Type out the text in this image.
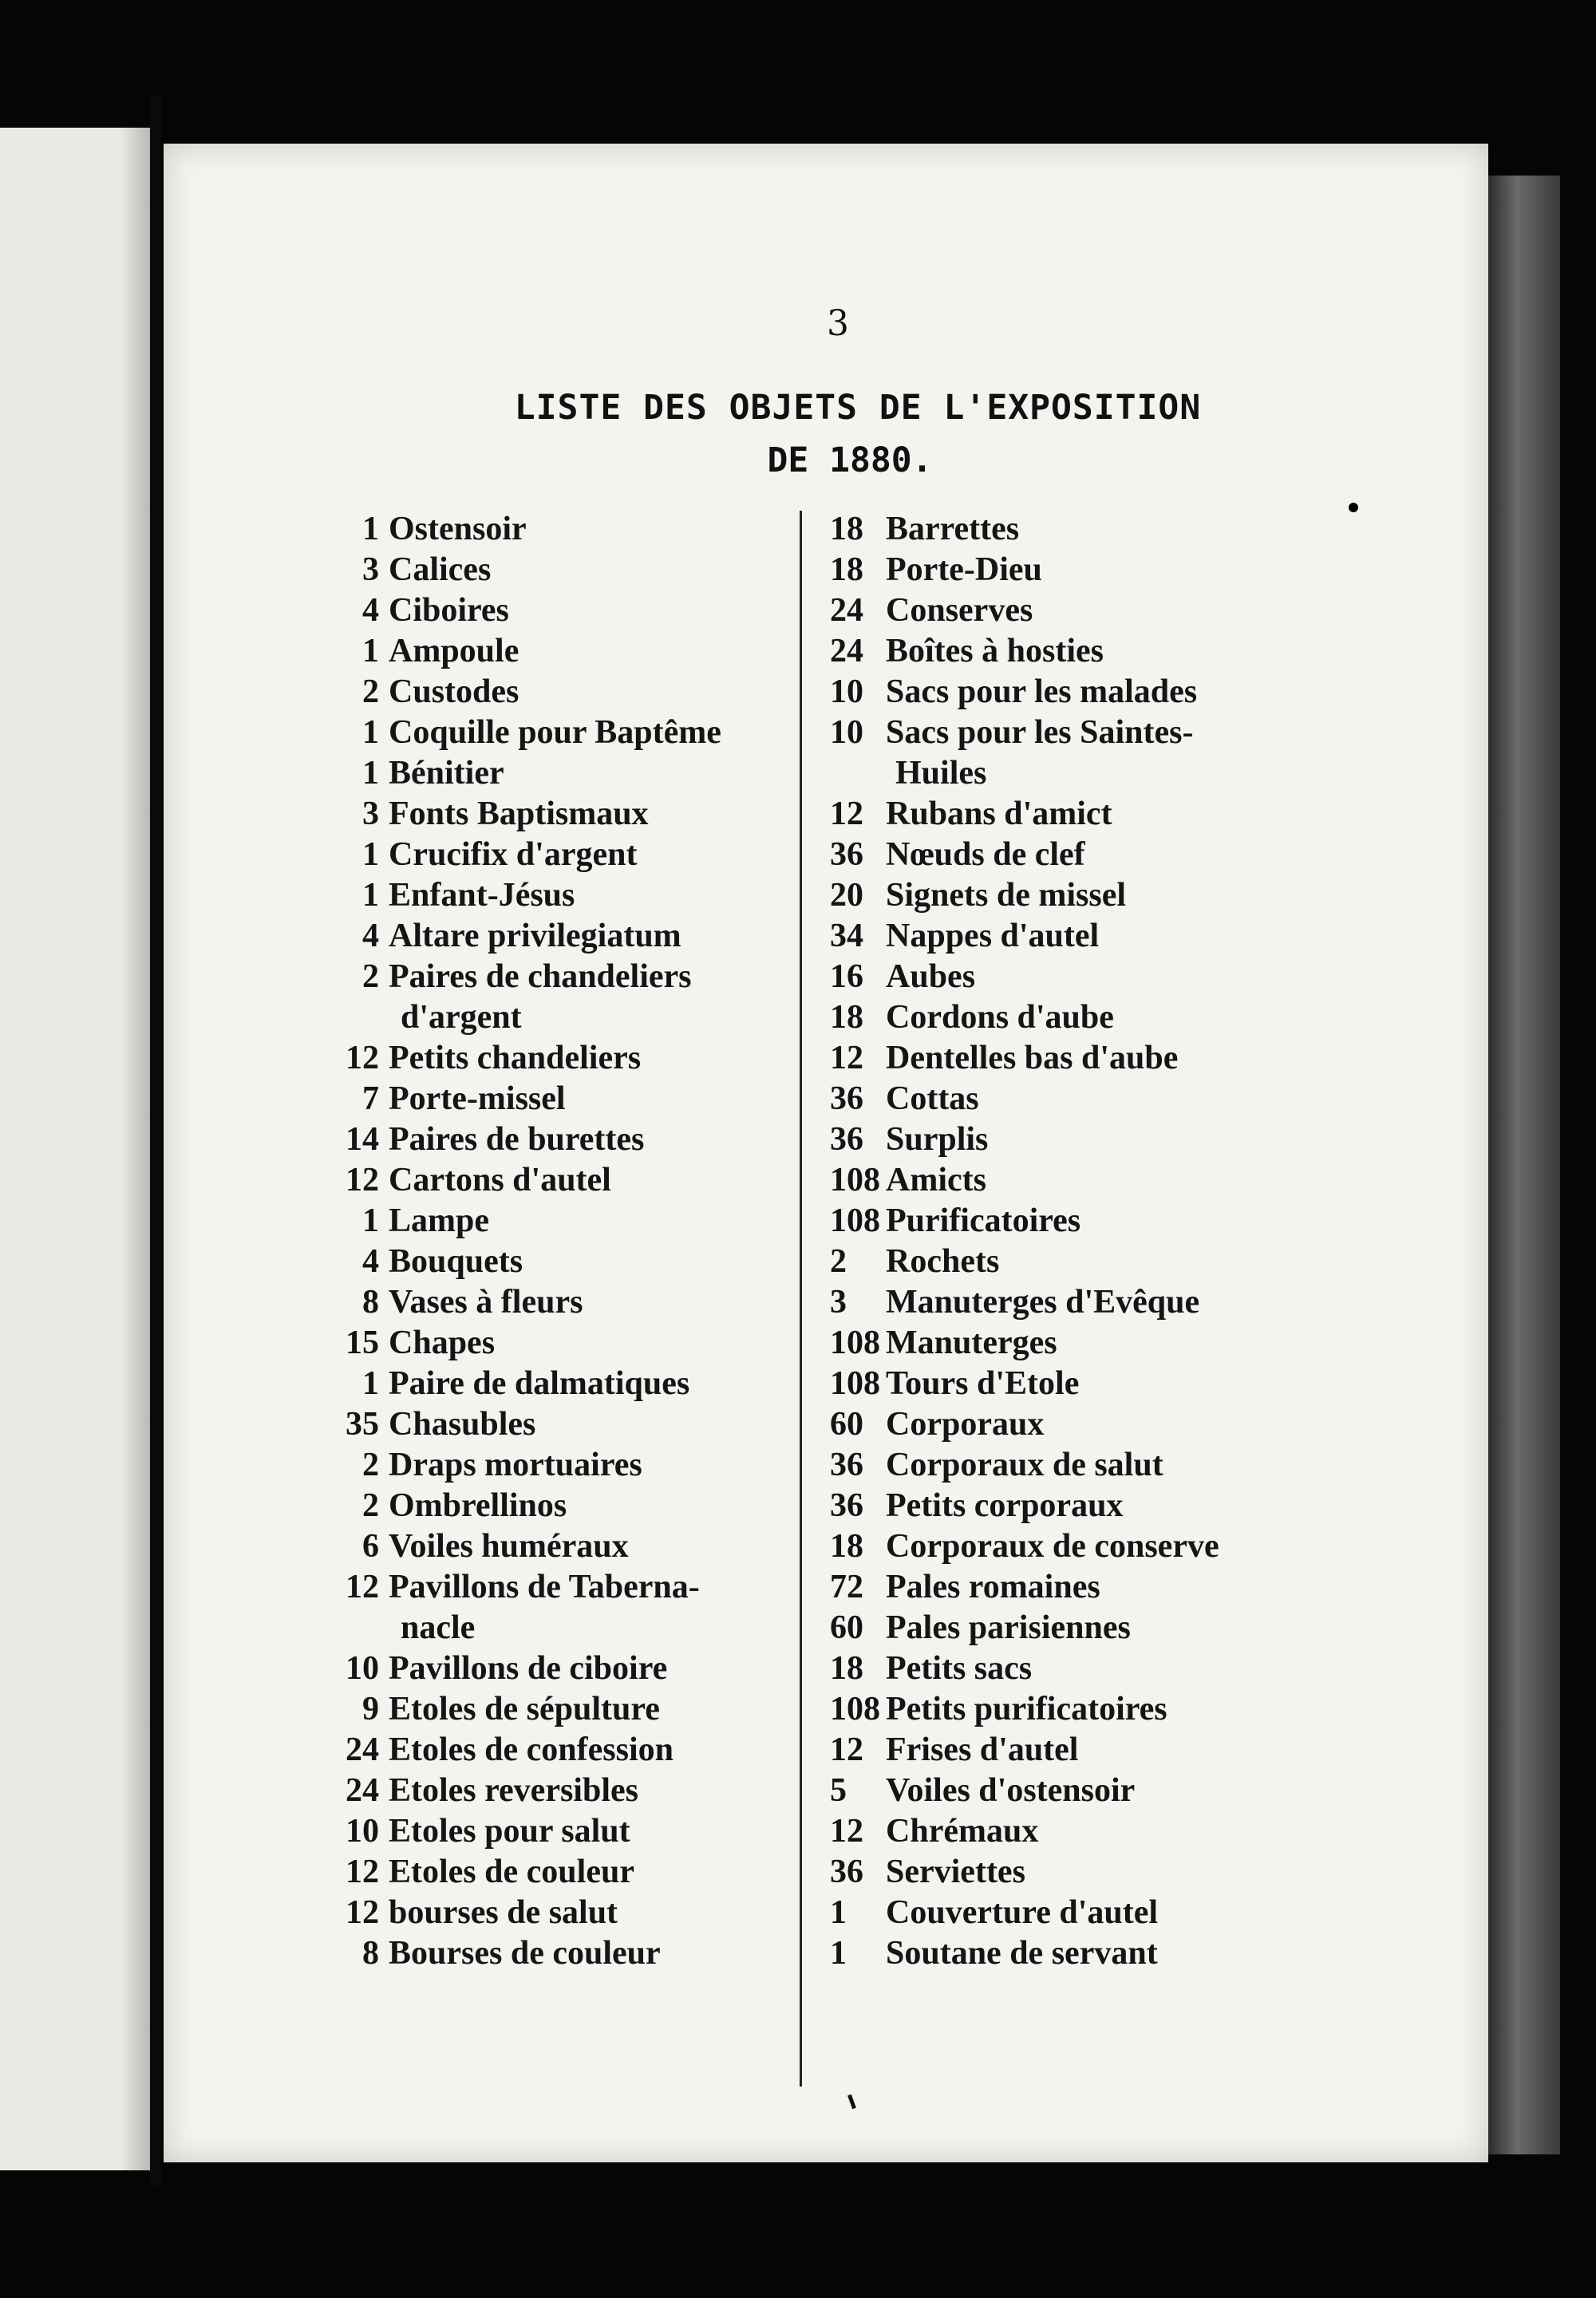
3
LISTE DES OBJETS DE L'EXPOSITION
DE 1880.
1 Ostensoir
3 Calices
4 Ciboires
1 Ampoule
2 Custodes
1 Coquille pour Baptême
1 Bénitier
3 Fonts Baptismaux
1 Crucifix d'argent
1 Enfant-Jésus
4 Altare privilegiatum
2 Paires de chandeliers
d'argent
12 Petits chandeliers
7 Porte-missel
14 Paires de burettes
12 Cartons d'autel
1 Lampe
4 Bouquets
8 Vases à fleurs
15 Chapes
1 Paire de dalmatiques
35 Chasubles
2 Draps mortuaires
2 Ombrellinos
6 Voiles huméraux
12 Pavillons de Taberna-
nacle
10 Pavillons de ciboire
9 Etoles de sépulture
24 Etoles de confession
24 Etoles reversibles
10 Etoles pour salut
12 Etoles de couleur
12 bourses de salut
8 Bourses de couleur
18 Barrettes
18 Porte-Dieu
24 Conserves
24 Boîtes à hosties
10 Sacs pour les malades
10 Sacs pour les Saintes-
Huiles
12 Rubans d'amict
36 Nœuds de clef
20 Signets de missel
34 Nappes d'autel
16 Aubes
18 Cordons d'aube
12 Dentelles bas d'aube
36 Cottas
36 Surplis
108 Amicts
108 Purificatoires
2	Rochets
3	Manuterges d'Evêque
108 Manuterges
108 Tours d'Etole
60 Corporaux
36 Corporaux de salut
36 Petits corporaux
18 Corporaux de conserve
72 Pales romaines
60 Pales parisiennes
18 Petits sacs
108 Petits purificatoires
12 Frises d'autel
5	Voiles d'ostensoir
12 Chrémaux
36 Serviettes
1	Couverture d'autel
1	Soutane de servant
